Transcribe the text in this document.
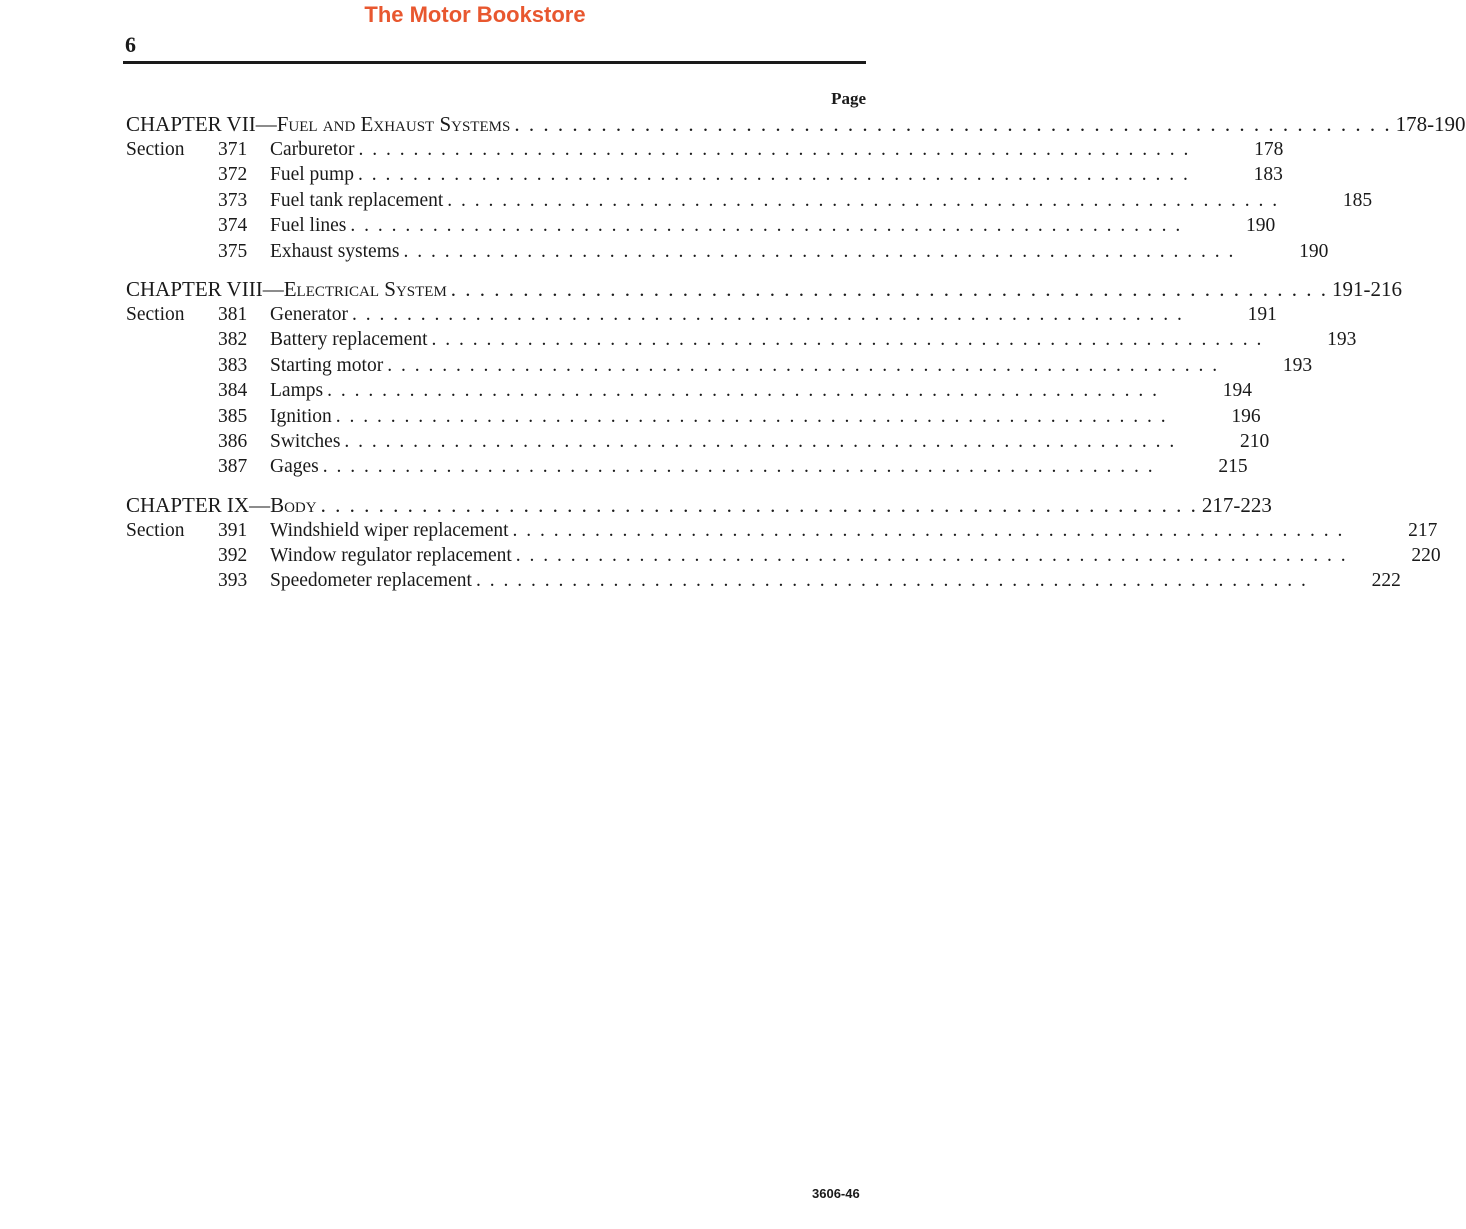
The Motor Bookstore
6
Page
CHAPTER VII— Fuel and Exhaust Systems . . . . . . . . . . . . . . . . . . . . . . . . . . . . . . . . . . . . . . . . . . . . . . . . . . . . . . . . . . . . . 178-190
Section	371	Carburetor . . . . . . . . . . . . . . . . . . . . . . . . . . . . . . . . . . . . . . . . . . . . . . . . . . . . . . . . . . . . .	178
372	Fuel pump . . . . . . . . . . . . . . . . . . . . . . . . . . . . . . . . . . . . . . . . . . . . . . . . . . . . . . . . . . . . .	183
373	Fuel tank replacement . . . . . . . . . . . . . . . . . . . . . . . . . . . . . . . . . . . . . . . . . . . . . . . . . . . . . . . . . . . . .	185
374	Fuel lines . . . . . . . . . . . . . . . . . . . . . . . . . . . . . . . . . . . . . . . . . . . . . . . . . . . . . . . . . . . . .	190
375	Exhaust systems . . . . . . . . . . . . . . . . . . . . . . . . . . . . . . . . . . . . . . . . . . . . . . . . . . . . . . . . . . . . .	190
CHAPTER VIII— Electrical System . . . . . . . . . . . . . . . . . . . . . . . . . . . . . . . . . . . . . . . . . . . . . . . . . . . . . . . . . . . . . 191-216
Section	381	Generator . . . . . . . . . . . . . . . . . . . . . . . . . . . . . . . . . . . . . . . . . . . . . . . . . . . . . . . . . . . . .	191
382	Battery replacement . . . . . . . . . . . . . . . . . . . . . . . . . . . . . . . . . . . . . . . . . . . . . . . . . . . . . . . . . . . . .	193
383	Starting motor . . . . . . . . . . . . . . . . . . . . . . . . . . . . . . . . . . . . . . . . . . . . . . . . . . . . . . . . . . . . .	193
384	Lamps . . . . . . . . . . . . . . . . . . . . . . . . . . . . . . . . . . . . . . . . . . . . . . . . . . . . . . . . . . . . .	194
385	Ignition . . . . . . . . . . . . . . . . . . . . . . . . . . . . . . . . . . . . . . . . . . . . . . . . . . . . . . . . . . . . .	196
386	Switches . . . . . . . . . . . . . . . . . . . . . . . . . . . . . . . . . . . . . . . . . . . . . . . . . . . . . . . . . . . . .	210
387	Gages . . . . . . . . . . . . . . . . . . . . . . . . . . . . . . . . . . . . . . . . . . . . . . . . . . . . . . . . . . . . .	215
CHAPTER IX— Body . . . . . . . . . . . . . . . . . . . . . . . . . . . . . . . . . . . . . . . . . . . . . . . . . . . . . . . . . . . . . 217-223
Section	391	Windshield wiper replacement . . . . . . . . . . . . . . . . . . . . . . . . . . . . . . . . . . . . . . . . . . . . . . . . . . . . . . . . . . . . .	217
392	Window regulator replacement . . . . . . . . . . . . . . . . . . . . . . . . . . . . . . . . . . . . . . . . . . . . . . . . . . . . . . . . . . . . .	220
393	Speedometer replacement . . . . . . . . . . . . . . . . . . . . . . . . . . . . . . . . . . . . . . . . . . . . . . . . . . . . . . . . . . . . .	222
3606-46
